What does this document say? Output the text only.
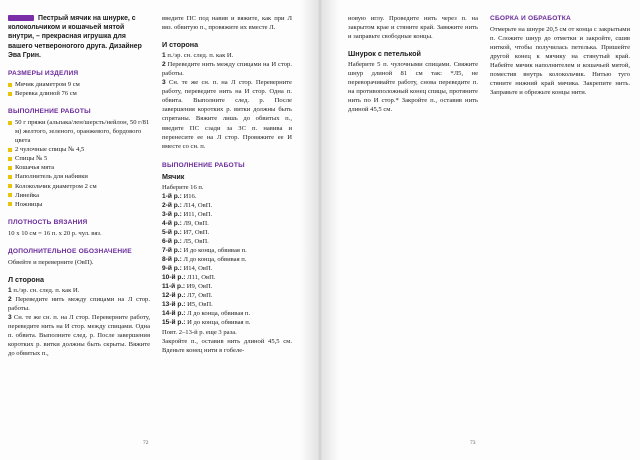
Пестрый мячик на шнурке, с колокольчиком и кошачьей мятой внутри, – прекрасная игрушка для вашего четвероногого друга. Дизайнер Эва Грин.

РАЗМЕРЫ ИЗДЕЛИЯ
Мячик диаметром 9 см
Веревка длиной 76 см
ВЫПОЛНЕНИЕ РАБОТЫ
50 г пряжи (альпака/лен/шерсть/нейлон, 50 г/81 м) желтого, зеленого, оранжевого, бордового цвета
2 чулочные спицы № 4,5
Спицы № 5
Кошачья мята
Наполнитель для набивки
Колокольчик диаметром 2 см
Линейка
Ножницы
ПЛОТНОСТЬ ВЯЗАНИЯ

10 х 10 см = 16 п. х 20 р. чул. вяз.

ДОПОЛНИТЕЛЬНОЕ ОБОЗНАЧЕНИЕ

Обвейте и переверните (ОвП).

Л сторона

1 п./эр. сн. след. п. как И.

2 Переведите нить между спицами на Л стор. работы.

3 Сн. те же сн. п. на Л стор. Переверните работу, переведите нить на И стор. между спицами. Одна п. обвита. Выполните след. р. После завершения коротких р. витки должны быть скрыты. Вяжите до обвитых п.,

введите ПС под навив и вяжите, как при Л вяз. обвитую п., провяжите их вместе Л.

И сторона

1 п./эр. сн. след. п. как И.

2 Переведите нить между спицами на И стор. работы.

3 Сн. те же сн. п. на Л стор. Переверните работу, переведите нить на И стор. Одна п. обвита. Выполните след. р. После завершения коротких р. витки должны быть спрятаны. Вяжите лишь до обвитых п., введите ПС сзади за ЗС п. навива и перенесите ее на Л стор. Провяжите ее И вместе со сн. п.

ВЫПОЛНЕНИЕ РАБОТЫ
Мячик

Наберите 16 п.

1-й р.: И16.

2-й р.: Л14, ОвП.

3-й р.: И11, ОвП.

4-й р.: Л9, ОвП.

5-й р.: И7, ОвП.

6-й р.: Л5, ОвП.

7-й р.: И до конца, обвивая п.

8-й р.: Л до конца, обвивая п.

9-й р.: И14, ОвП.

10-й р.: Л11, ОвП.

11-й р.: И9, ОвП.

12-й р.: Л7, ОвП.

13-й р.: И5, ОвП.

14-й р.: Л до конца, обвивая п.

15-й р.: И до конца, обвивая п.

Повт. 2–13-й р. еще 3 раза.

Закройте п., оставив нить длиной 45,5 см. Вденьте конец нити в гобеле-

72

новую иглу. Проведите нить через п. на закрытом крае и стяните край. Завяжите нить и заправьте свободные концы.

Шнурок с петелькой

Наберите 5 п. чулочными спицами. Свяжите шнур длиной 81 см так: *Л5, не переворачивайте работу, снова переведите п. на противоположный конец спицы, протяните нить по И стор.* Закройте п., оставив нить длиной 45,5 см.

СБОРКА И ОБРАБОТКА

Отмерьте на шнуре 20,5 см от конца с закрытыми п. Сложите шнур до отметки и закройте, сшив ниткой, чтобы получилась петелька. Пришейте другой конец к мячику на стянутый край. Набейте мячик наполнителем и кошачьей мятой, поместив внутрь колокольчик. Нитью туго стяните нижний край мячика. Закрепите нить. Заправьте и обрежьте концы нити.

73
